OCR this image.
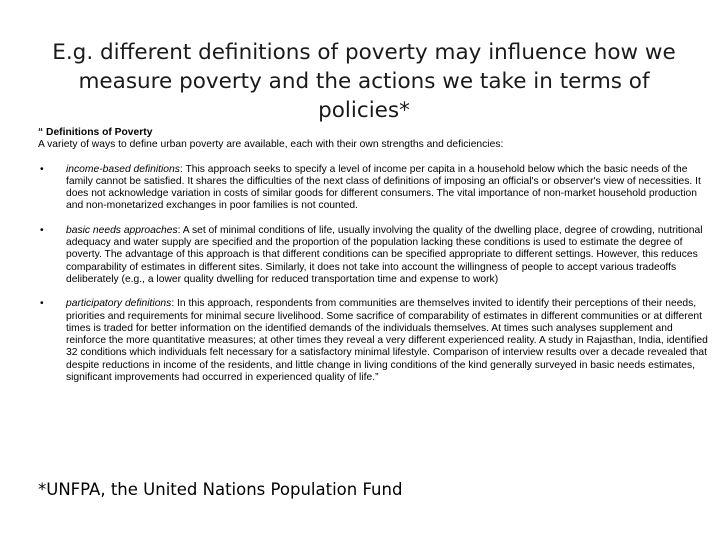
E.g. different definitions of poverty may influence how we measure poverty and the actions we take in terms of policies*

“ Definitions of Poverty

A variety of ways to define urban poverty are available, each with their own strengths and deficiencies:

• income-based definitions: This approach seeks to specify a level of income per capita in a household below which the basic needs of the family cannot be satisfied. It shares the difficulties of the next class of definitions of imposing an official's or observer's view of necessities. It does not acknowledge variation in costs of similar goods for different consumers. The vital importance of non-market household production and non-monetarized exchanges in poor families is not counted.
• basic needs approaches: A set of minimal conditions of life, usually involving the quality of the dwelling place, degree of crowding, nutritional adequacy and water supply are specified and the proportion of the population lacking these conditions is used to estimate the degree of poverty. The advantage of this approach is that different conditions can be specified appropriate to different settings. However, this reduces comparability of estimates in different sites. Similarly, it does not take into account the willingness of people to accept various tradeoffs deliberately (e.g., a lower quality dwelling for reduced transportation time and expense to work)
• participatory definitions: In this approach, respondents from communities are themselves invited to identify their perceptions of their needs, priorities and requirements for minimal secure livelihood. Some sacrifice of comparability of estimates in different communities or at different times is traded for better information on the identified demands of the individuals themselves. At times such analyses supplement and reinforce the more quantitative measures; at other times they reveal a very different experienced reality. A study in Rajasthan, India, identified 32 conditions which individuals felt necessary for a satisfactory minimal lifestyle. Comparison of interview results over a decade revealed that despite reductions in income of the residents, and little change in living conditions of the kind generally surveyed in basic needs estimates, significant improvements had occurred in experienced quality of life.”
*UNFPA, the United Nations Population Fund
